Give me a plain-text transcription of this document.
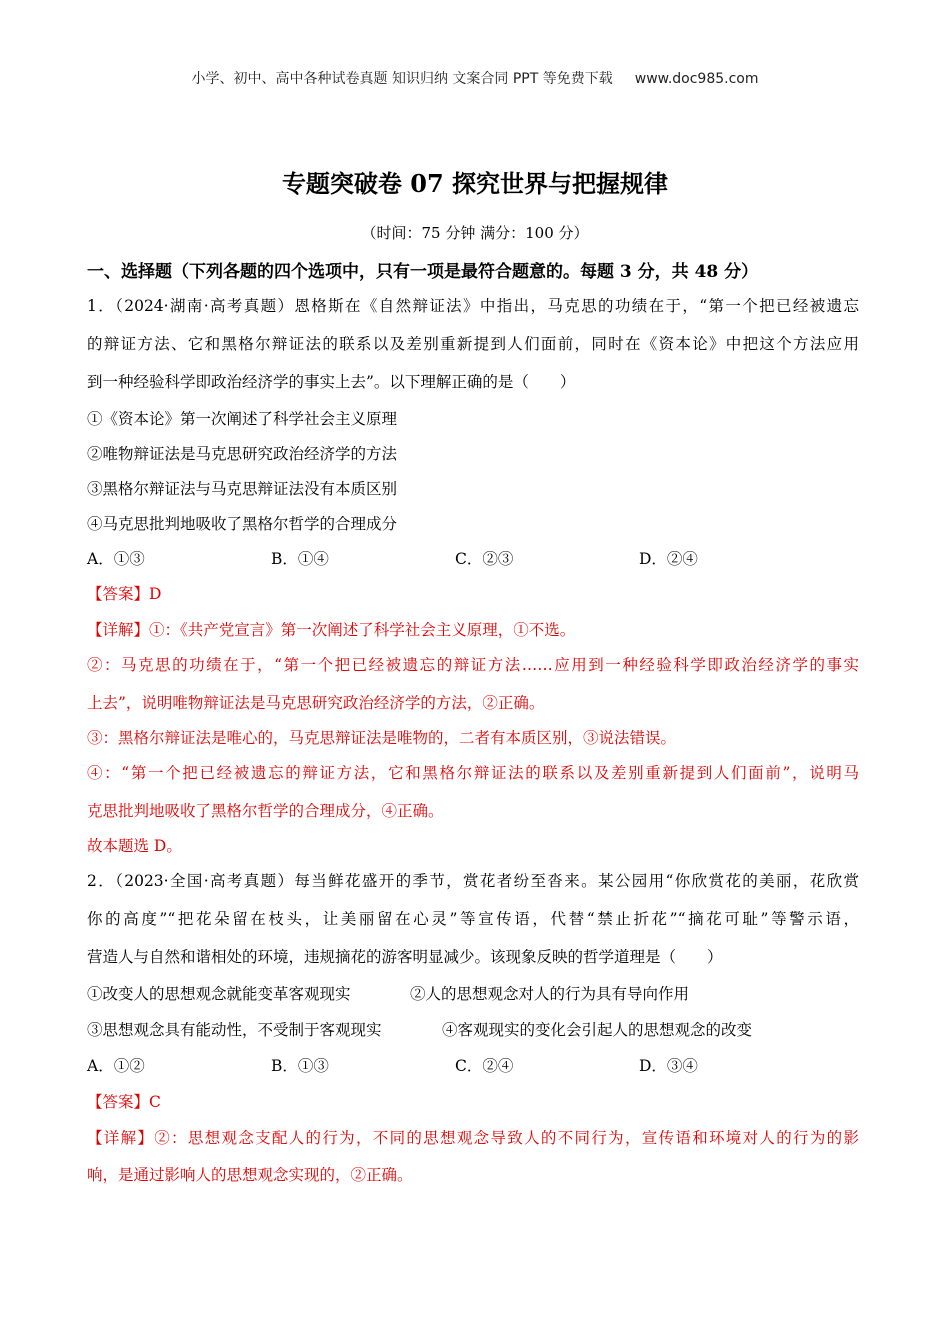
小学、初中、高中各种试卷真题 知识归纳 文案合同 PPT 等免费下载 www.doc985.com
专题突破卷 07 探究世界与把握规律
（时间：75 分钟 满分：100 分）
一、选择题（下列各题的四个选项中，只有一项是最符合题意的。每题 3 分，共 48 分）
1．（2024·湖南·高考真题）恩格斯在《自然辩证法》中指出，马克思的功绩在于，“第一个把已经被遗忘
的辩证方法、它和黑格尔辩证法的联系以及差别重新提到人们面前，同时在《资本论》中把这个方法应用
到一种经验科学即政治经济学的事实上去”。以下理解正确的是（　　）
①《资本论》第一次阐述了科学社会主义原理
②唯物辩证法是马克思研究政治经济学的方法
③黑格尔辩证法与马克思辩证法没有本质区别
④马克思批判地吸收了黑格尔哲学的合理成分
A．①③	B．①④	C．②③	D．②④
【答案】D
【详解】①：《共产党宣言》第一次阐述了科学社会主义原理，①不选。
②：马克思的功绩在于，“第一个把已经被遗忘的辩证方法……应用到一种经验科学即政治经济学的事实
上去”，说明唯物辩证法是马克思研究政治经济学的方法，②正确。
③：黑格尔辩证法是唯心的，马克思辩证法是唯物的，二者有本质区别，③说法错误。
④：“第一个把已经被遗忘的辩证方法，它和黑格尔辩证法的联系以及差别重新提到人们面前”，说明马
克思批判地吸收了黑格尔哲学的合理成分，④正确。
故本题选 D。
2．（2023·全国·高考真题）每当鲜花盛开的季节，赏花者纷至沓来。某公园用“你欣赏花的美丽，花欣赏
你的高度”“把花朵留在枝头，让美丽留在心灵”等宣传语，代替“禁止折花”“摘花可耻”等警示语，
营造人与自然和谐相处的环境，违规摘花的游客明显减少。该现象反映的哲学道理是（　　）
①改变人的思想观念就能变革客观现实	②人的思想观念对人的行为具有导向作用
③思想观念具有能动性，不受制于客观现实	④客观现实的变化会引起人的思想观念的改变
A．①②	B．①③	C．②④	D．③④
【答案】C
【详解】②：思想观念支配人的行为，不同的思想观念导致人的不同行为，宣传语和环境对人的行为的影
响，是通过影响人的思想观念实现的，②正确。
